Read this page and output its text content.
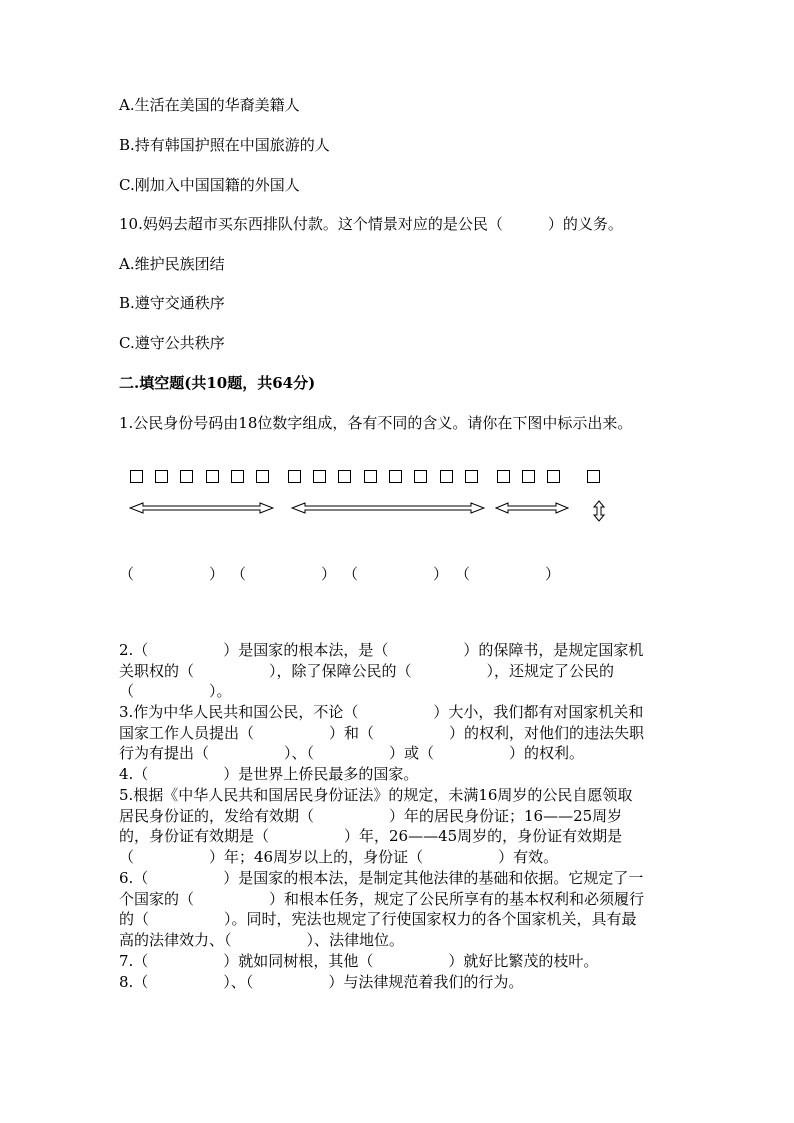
A.生活在美国的华裔美籍人
B.持有韩国护照在中国旅游的人
C.刚加入中国国籍的外国人
10.妈妈去超市买东西排队付款。这个情景对应的是公民（　　　）的义务。
A.维护民族团结
B.遵守交通秩序
C.遵守公共秩序
二.填空题(共10题，共64分)
1.公民身份号码由18位数字组成，各有不同的含义。请你在下图中标示出来。
（　　　　　） （　　　　　） （　　　　　） （　　　　　）

2.（　　　　　）是国家的根本法，是（　　　　　）的保障书，是规定国家机

关职权的（　　　　　），除了保障公民的（　　　　　），还规定了公民的

（　　　　　）。

3.作为中华人民共和国公民，不论（　　　　　）大小，我们都有对国家机关和

国家工作人员提出（　　　　　）和（　　　　　）的权利，对他们的违法失职

行为有提出（　　　　　）、（　　　　　）或（　　　　　）的权利。

4.（　　　　　）是世界上侨民最多的国家。

5.根据《中华人民共和国居民身份证法》的规定，未满16周岁的公民自愿领取

居民身份证的，发给有效期（　　　　　）年的居民身份证；16——25周岁

的，身份证有效期是（　　　　　）年，26——45周岁的，身份证有效期是

（　　　　　）年；46周岁以上的，身份证（　　　　　）有效。

6.（　　　　　）是国家的根本法，是制定其他法律的基础和依据。它规定了一

个国家的（　　　　　）和根本任务，规定了公民所享有的基本权利和必须履行

的（　　　　　）。同时，宪法也规定了行使国家权力的各个国家机关，具有最

高的法律效力、（　　　　　）、法律地位。

7.（　　　　　）就如同树根，其他（　　　　　）就好比繁茂的枝叶。

8.（　　　　　）、（　　　　　）与法律规范着我们的行为。
